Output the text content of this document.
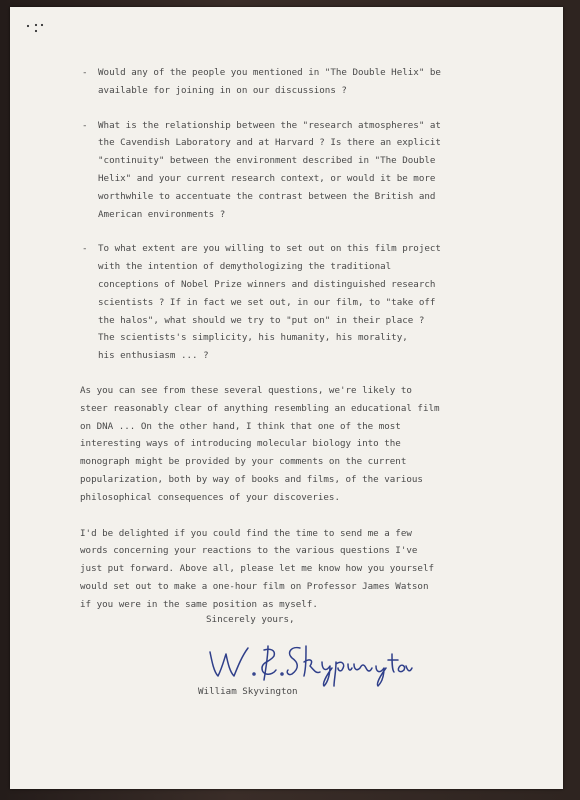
- Would any of the people you mentioned in "The Double Helix" be
available for joining in on our discussions ?
- What is the relationship between the "research atmospheres" at
the Cavendish Laboratory and at Harvard ? Is there an explicit
"continuity" between the environment described in "The Double
Helix" and your current research context, or would it be more
worthwhile to accentuate the contrast between the British and
American environments ?
- To what extent are you willing to set out on this film project
with the intention of demythologizing the traditional
conceptions of Nobel Prize winners and distinguished research
scientists ? If in fact we set out, in our film, to "take off
the halos", what should we try to "put on" in their place ?
The scientists's simplicity, his humanity, his morality,
his enthusiasm ... ?
As you can see from these several questions, we're likely to
steer reasonably clear of anything resembling an educational film
on DNA ... On the other hand, I think that one of the most
interesting ways of introducing molecular biology into the
monograph might be provided by your comments on the current
popularization, both by way of books and films, of the various
philosophical consequences of your discoveries.
I'd be delighted if you could find the time to send me a few
words concerning your reactions to the various questions I've
just put forward. Above all, please let me know how you yourself
would set out to make a one-hour film on Professor James Watson
if you were in the same position as myself.
Sincerely yours,
William Skyvington
